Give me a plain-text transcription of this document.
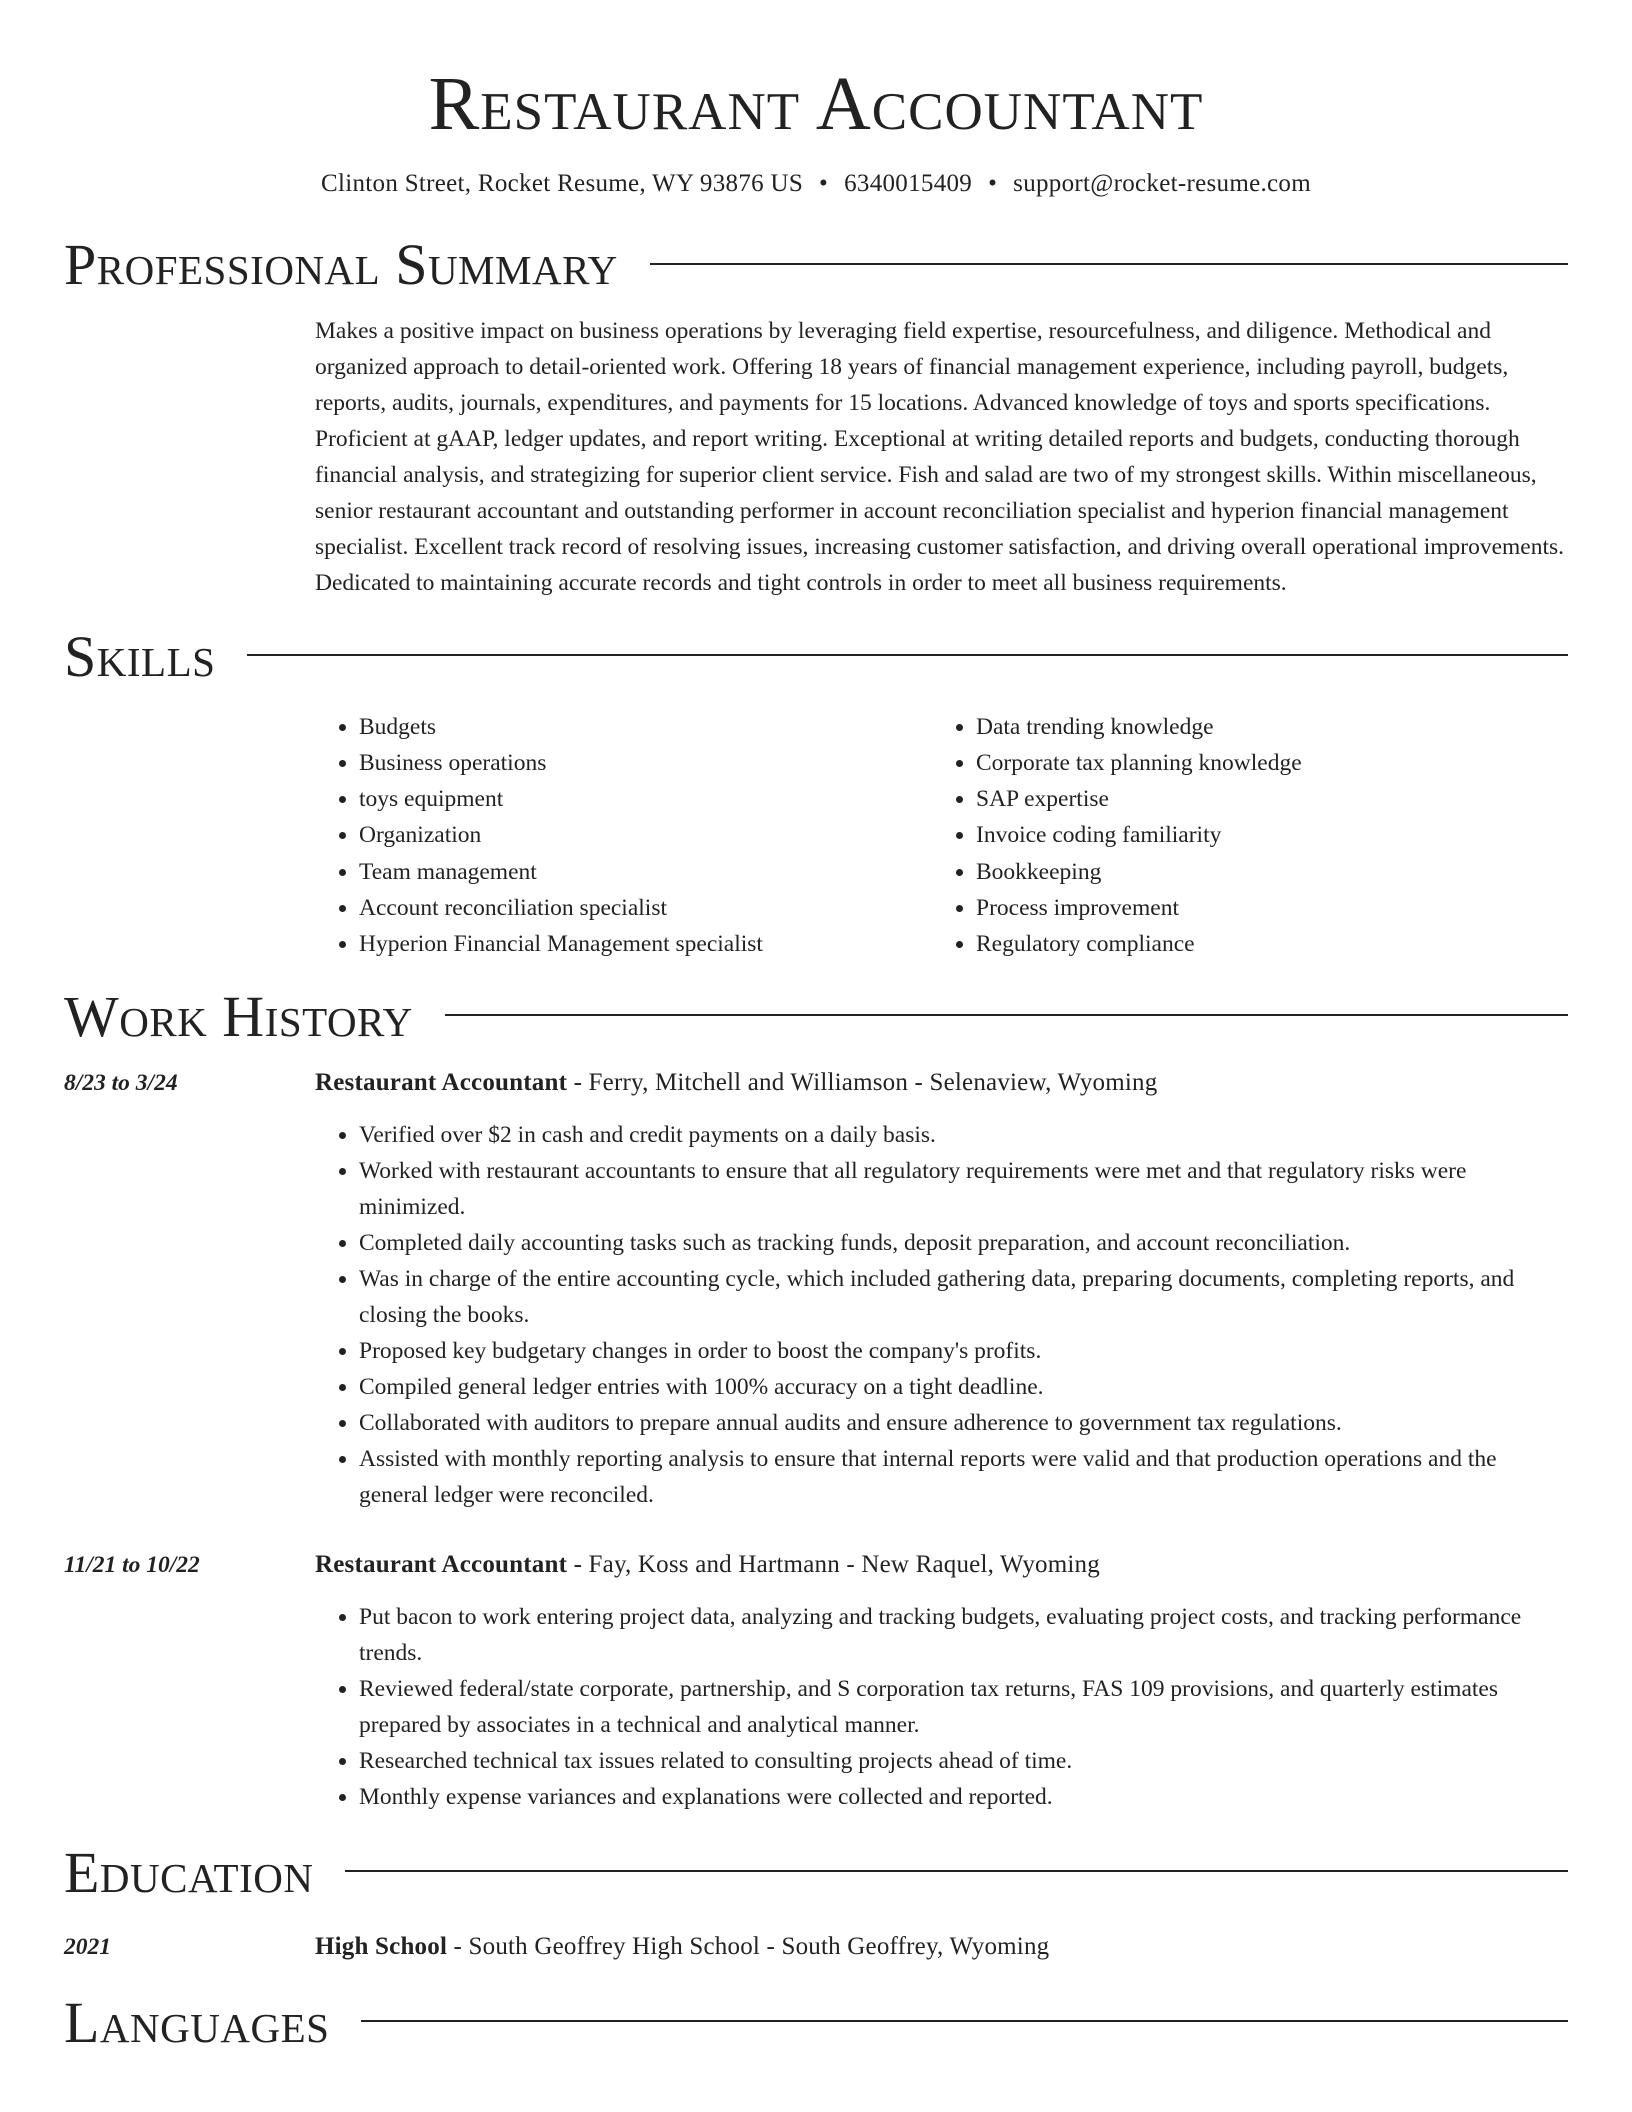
Restaurant Accountant
Clinton Street, Rocket Resume, WY 93876 US • 6340015409 • support@rocket-resume.com
Professional Summary

Makes a positive impact on business operations by leveraging field expertise, resourcefulness, and diligence. Methodical and organized approach to detail-oriented work. Offering 18 years of financial management experience, including payroll, budgets, reports, audits, journals, expenditures, and payments for 15 locations. Advanced knowledge of toys and sports specifications. Proficient at gAAP, ledger updates, and report writing. Exceptional at writing detailed reports and budgets, conducting thorough financial analysis, and strategizing for superior client service. Fish and salad are two of my strongest skills. Within miscellaneous, senior restaurant accountant and outstanding performer in account reconciliation specialist and hyperion financial management specialist. Excellent track record of resolving issues, increasing customer satisfaction, and driving overall operational improvements. Dedicated to maintaining accurate records and tight controls in order to meet all business requirements.

Skills
• Budgets
• Business operations
• toys equipment
• Organization
• Team management
• Account reconciliation specialist
• Hyperion Financial Management specialist
• Data trending knowledge
• Corporate tax planning knowledge
• SAP expertise
• Invoice coding familiarity
• Bookkeeping
• Process improvement
• Regulatory compliance
Work History
8/23 to 3/24	Restaurant Accountant - Ferry, Mitchell and Williamson - Selenaview, Wyoming
• Verified over $2 in cash and credit payments on a daily basis.
• Worked with restaurant accountants to ensure that all regulatory requirements were met and that regulatory risks were minimized.
• Completed daily accounting tasks such as tracking funds, deposit preparation, and account reconciliation.
• Was in charge of the entire accounting cycle, which included gathering data, preparing documents, completing reports, and closing the books.
• Proposed key budgetary changes in order to boost the company's profits.
• Compiled general ledger entries with 100% accuracy on a tight deadline.
• Collaborated with auditors to prepare annual audits and ensure adherence to government tax regulations.
• Assisted with monthly reporting analysis to ensure that internal reports were valid and that production operations and the general ledger were reconciled.
11/21 to 10/22	Restaurant Accountant - Fay, Koss and Hartmann - New Raquel, Wyoming
• Put bacon to work entering project data, analyzing and tracking budgets, evaluating project costs, and tracking performance trends.
• Reviewed federal/state corporate, partnership, and S corporation tax returns, FAS 109 provisions, and quarterly estimates prepared by associates in a technical and analytical manner.
• Researched technical tax issues related to consulting projects ahead of time.
• Monthly expense variances and explanations were collected and reported.
Education
2021	High School - South Geoffrey High School - South Geoffrey, Wyoming
Languages
